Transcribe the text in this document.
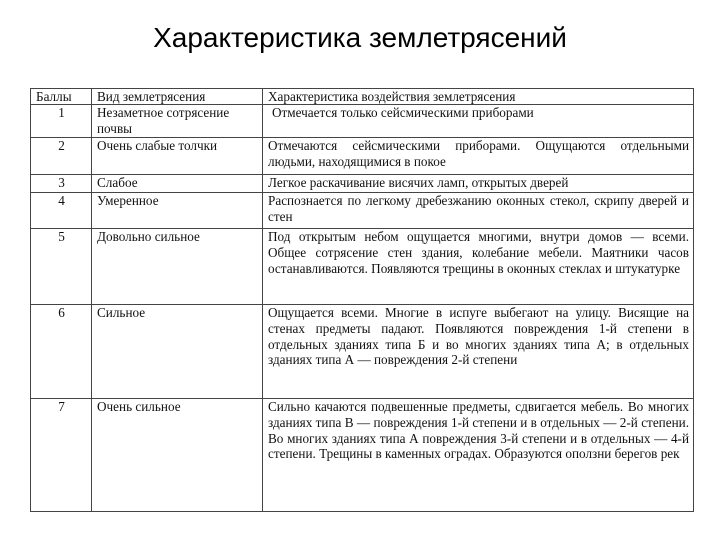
Характеристика землетрясений
Баллы	Вид землетрясения	Характеристика воздействия землетрясения
1	Незаметное сотрясение почвы	Отмечается только сейсмическими приборами
2	Очень слабые толчки	Отмечаются сейсмическими приборами. Ощущаются отдельными людьми, находящимися в покое
3	Слабое	Легкое раскачивание висячих ламп, открытых дверей
4	Умеренное	Распознается по легкому дребезжанию оконных стекол, скрипу дверей и стен
5	Довольно сильное	Под открытым небом ощущается многими, внутри домов — всеми. Общее сотрясение стен здания, колебание мебели. Маятники часов останавливаются. Появляются трещины в оконных стеклах и штукатурке
6	Сильное	Ощущается всеми. Многие в испуге выбегают на улицу. Висящие на стенах предметы падают. Появляются повреждения 1-й степени в отдельных зданиях типа Б и во многих зданиях типа А; в отдельных зданиях типа А — повреждения 2-й степени
7	Очень сильное	Сильно качаются подвешенные предметы, сдвигается мебель. Во многих зданиях типа В — повреждения 1-й степени и в отдельных — 2-й степени. Во многих зданиях типа А повреждения 3-й степени и в отдельных — 4-й степени. Трещины в каменных оградах. Образуются оползни берегов рек
